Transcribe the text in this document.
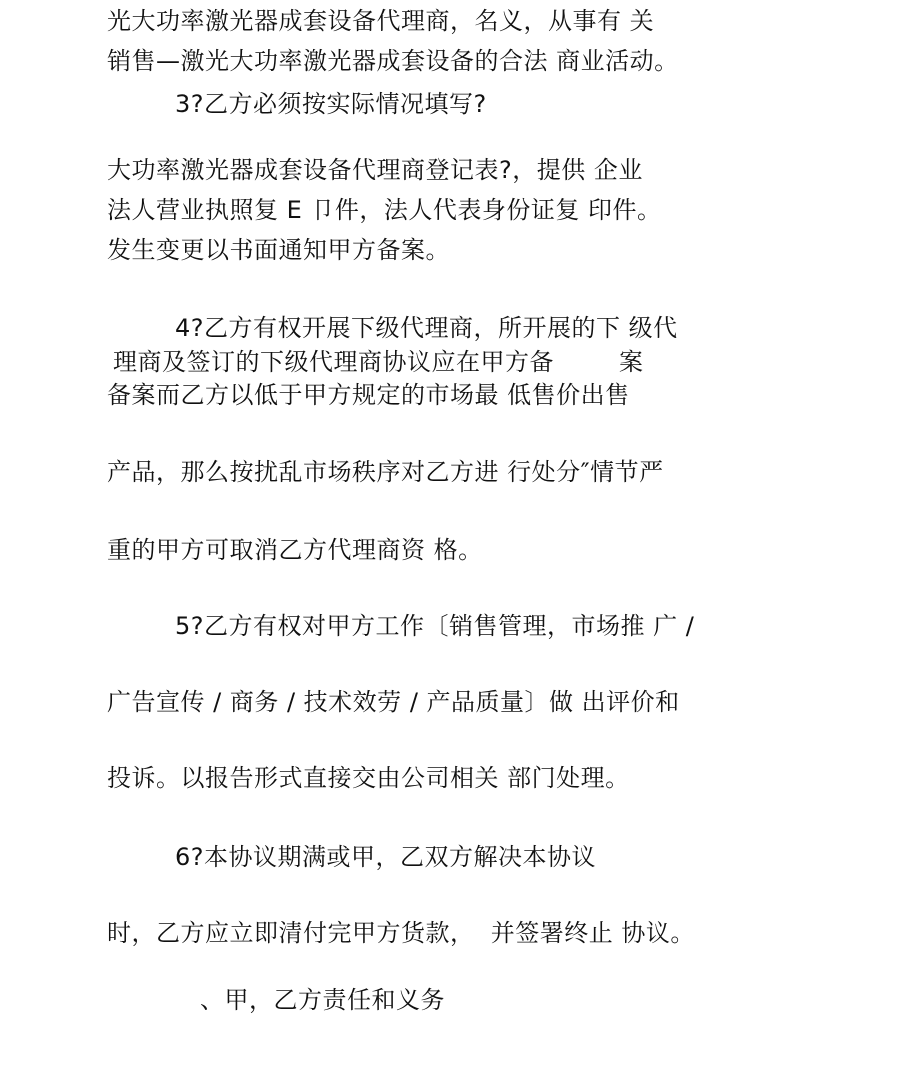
光大功率激光器成套设备代理商，名义，从事有 关
销售—激光大功率激光器成套设备的合法 商业活动。
3?乙方必须按实际情况填写?
大功率激光器成套设备代理商登记表?，提供 企业
法人营业执照复 E 卩件，法人代表身份证复 印件。
发生变更以书面通知甲方备案。
4?乙方有权开展下级代理商，所开展的下 级代
理商及签订的下级代理商协议应在甲方备        案
备案而乙方以低于甲方规定的市场最 低售价出售
产品，那么按扰乱市场秩序对乙方进 行处分″情节严
重的甲方可取消乙方代理商资 格。
5?乙方有权对甲方工作〔销售管理，市场推 广 /
广告宣传 / 商务 / 技术效劳 / 产品质量〕做 出评价和
投诉。以报告形式直接交由公司相关 部门处理。
6?本协议期满或甲，乙双方解决本协议
时，乙方应立即清付完甲方货款，  并签署终止 协议。
、甲，乙方责任和义务
